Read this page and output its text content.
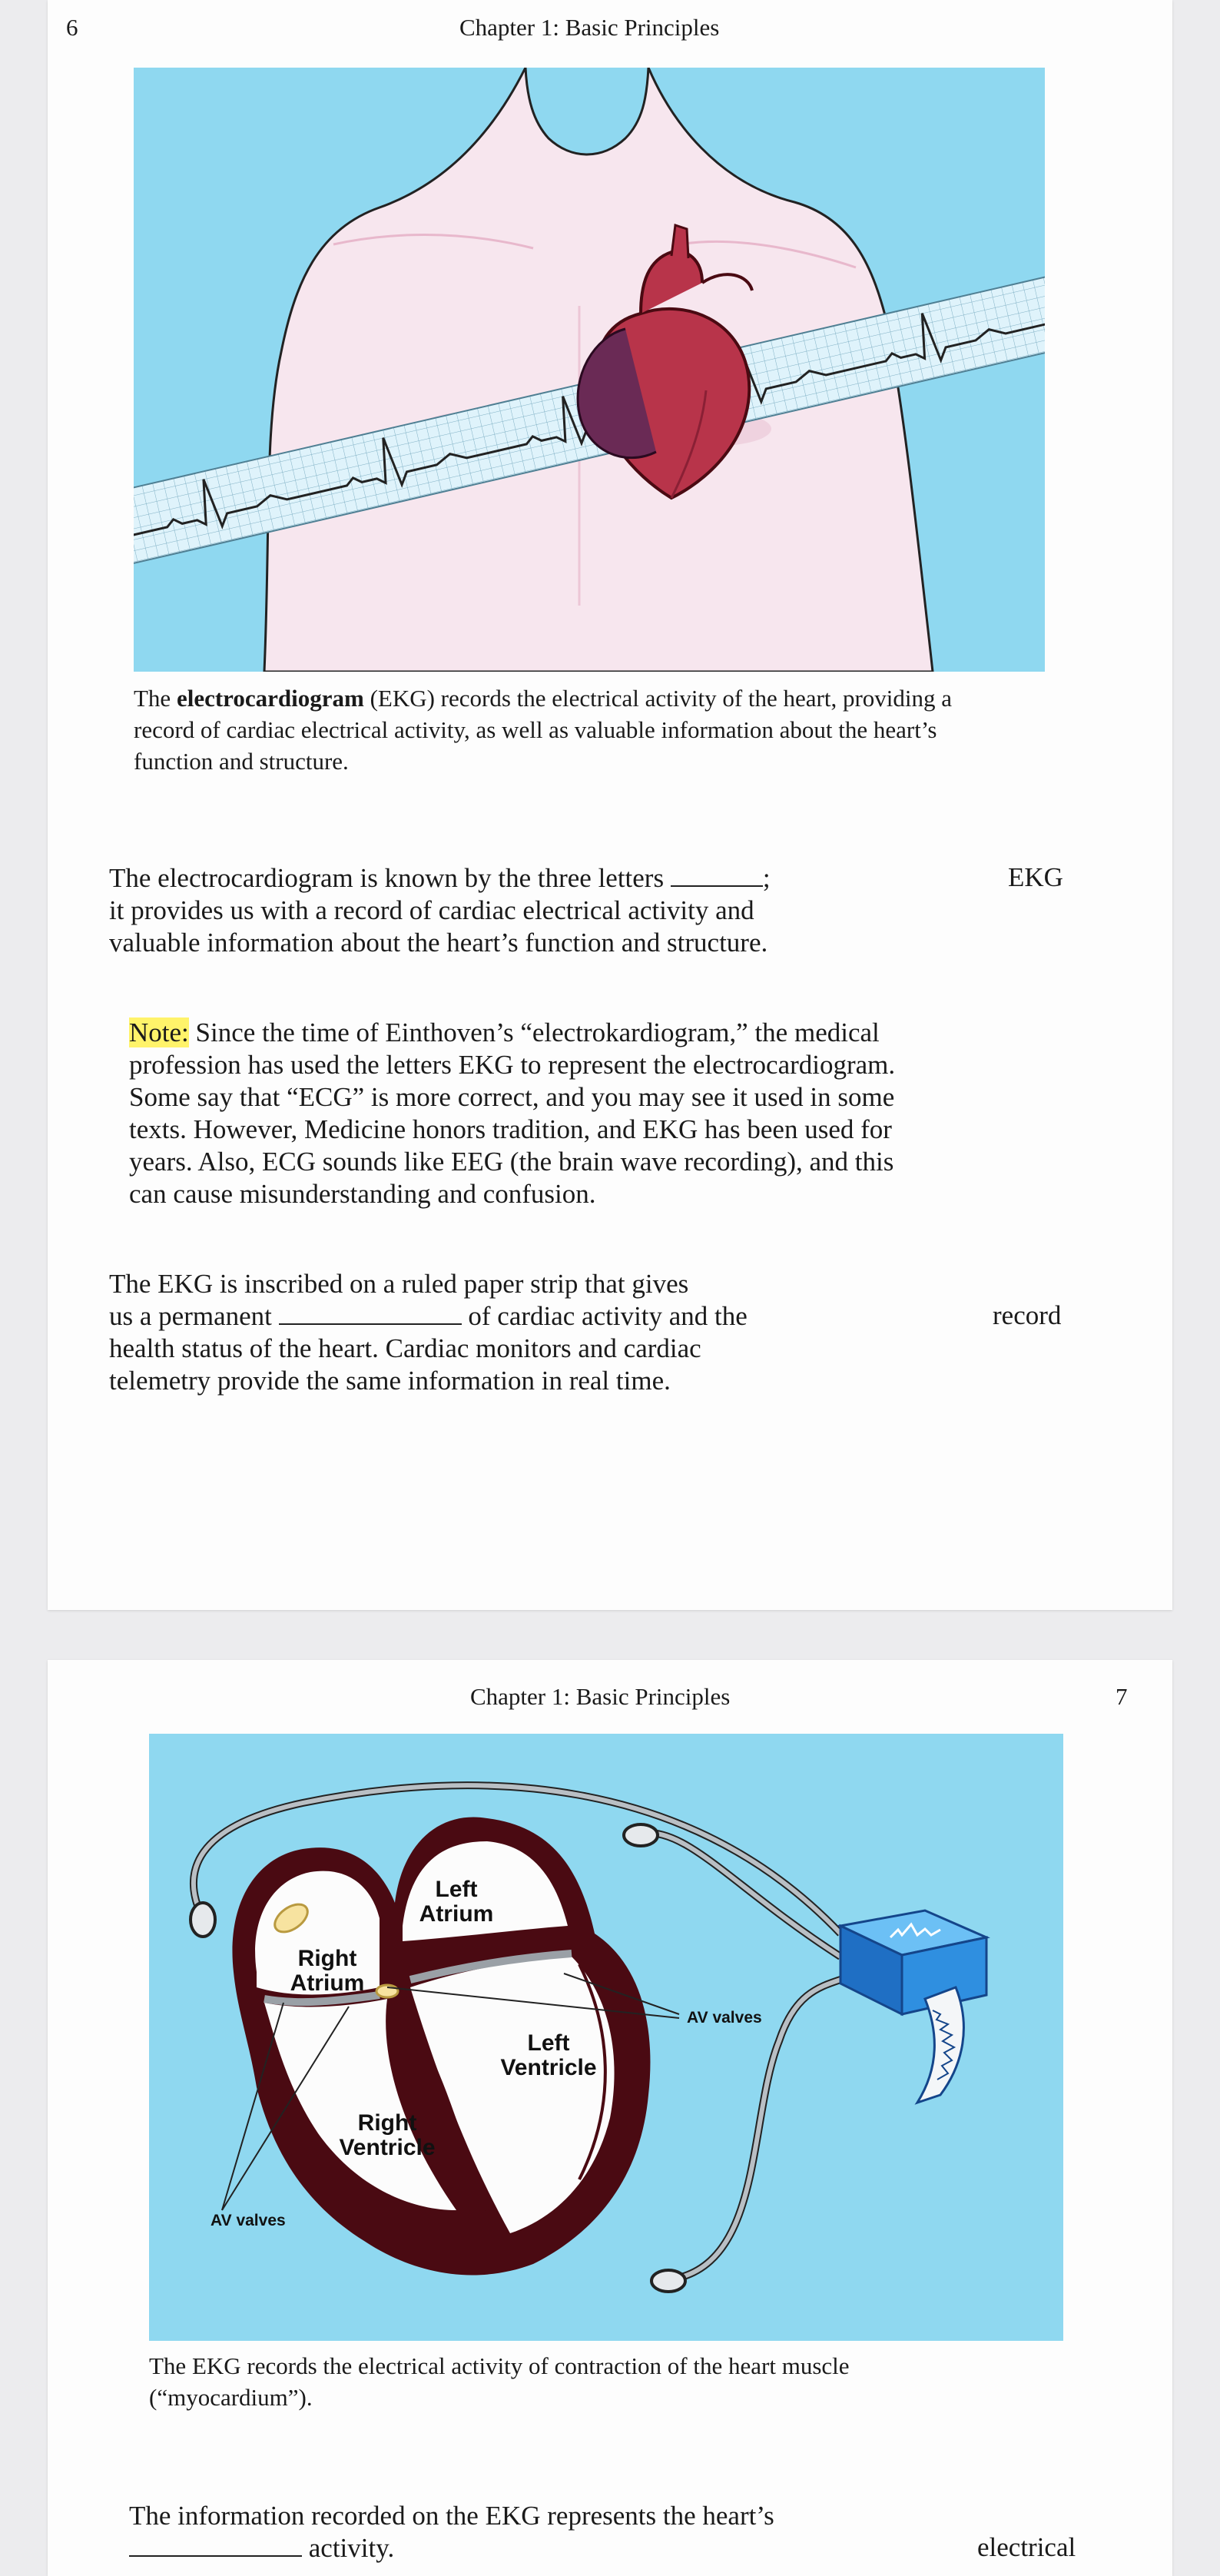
6	Chapter 1: Basic Principles
The electrocardiogram (EKG) records the electrical activity of the heart, providing a
record of cardiac electrical activity, as well as valuable information about the heart’s
function and structure.
The electrocardiogram is known by the three letters	;
it provides us with a record of cardiac electrical activity and
valuable information about the heart’s function and structure.
EKG
Note: Since the time of Einthoven’s “electrokardiogram,” the medical
profession has used the letters EKG to represent the electrocardiogram.
Some say that “ECG” is more correct, and you may see it used in some
texts. However, Medicine honors tradition, and EKG has been used for
years. Also, ECG sounds like EEG (the brain wave recording), and this
can cause misunderstanding and confusion.
The EKG is inscribed on a ruled paper strip that gives
us a permanent	of cardiac activity and the
health status of the heart. Cardiac monitors and cardiac
telemetry provide the same information in real time.
record
Chapter 1: Basic Principles	7
Left
Atrium
Right
Atrium
Left
Ventricle
Right
Ventricle
AV valves
AV valves
The EKG records the electrical activity of contraction of the heart muscle
(“myocardium”).
The information recorded on the EKG represents the heart’s
activity.	electrical
